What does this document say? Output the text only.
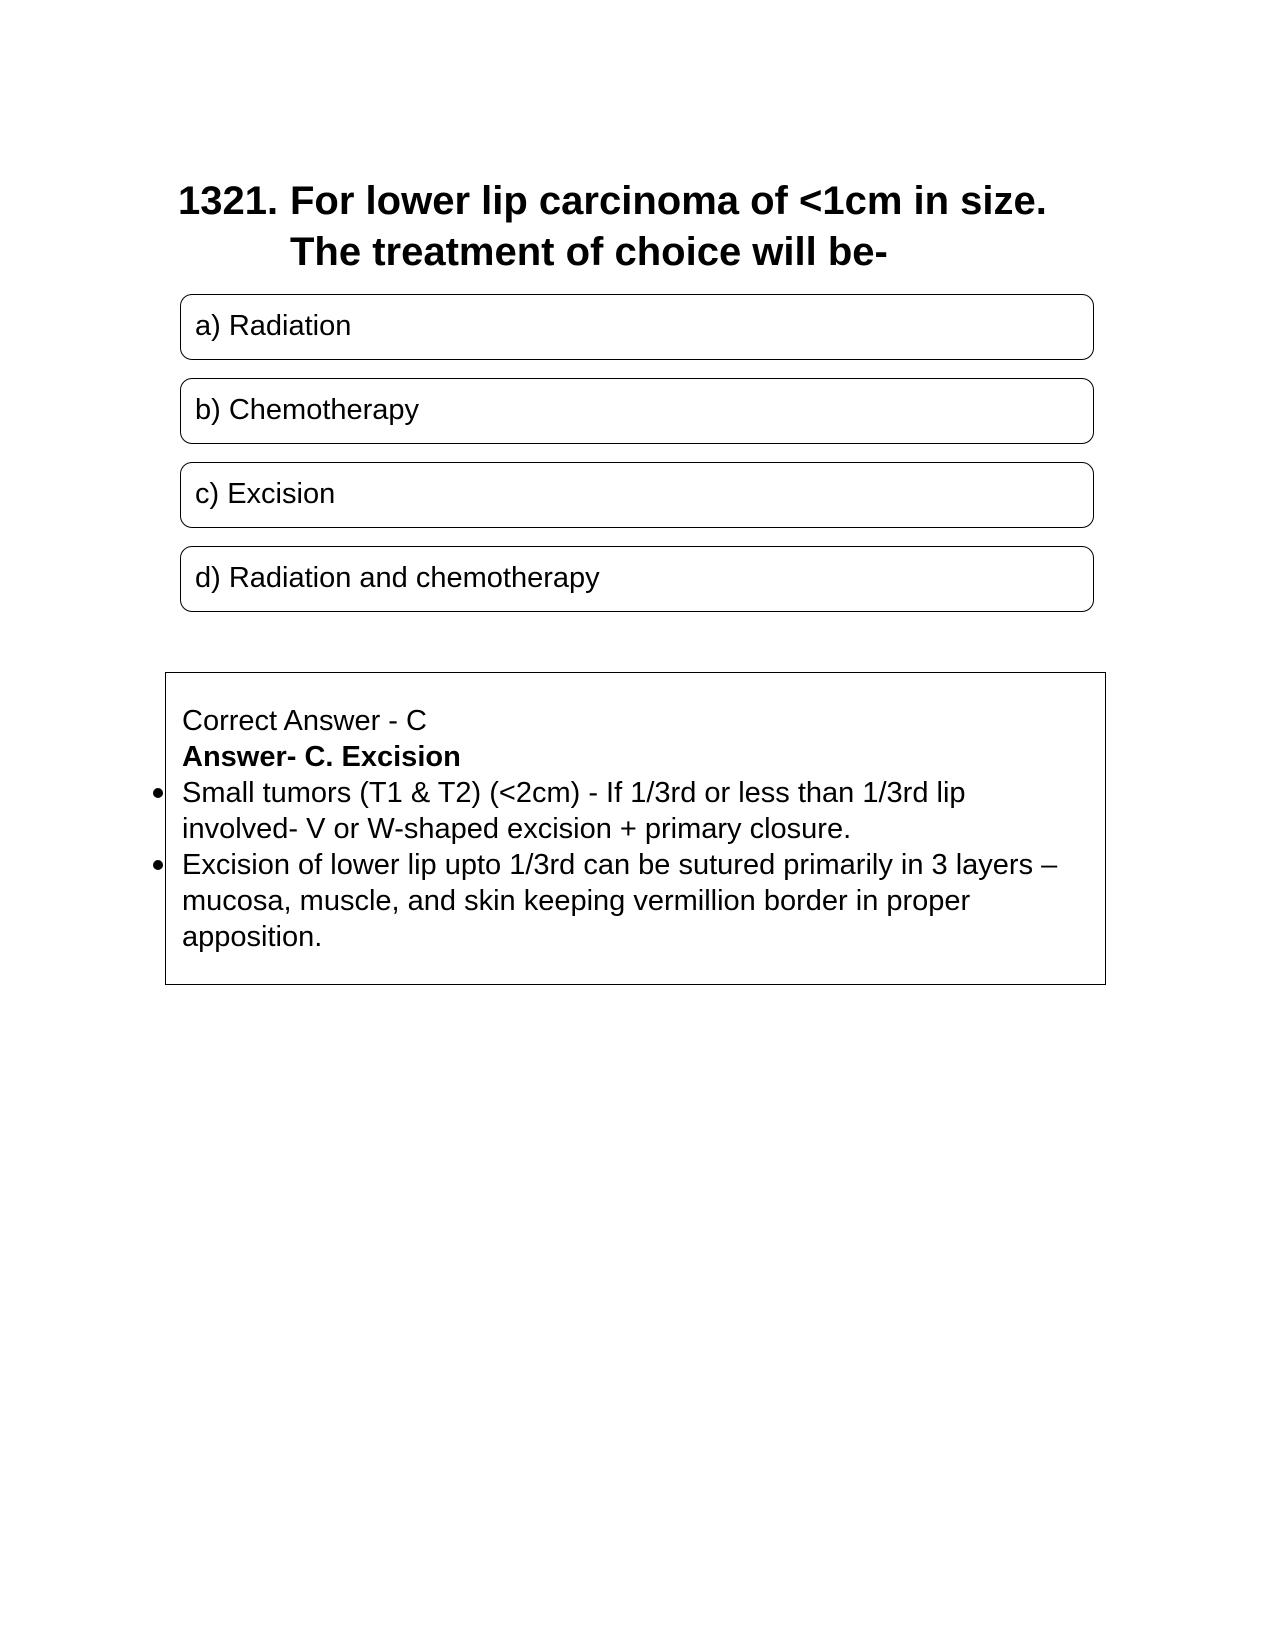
1321. For lower lip carcinoma of <1cm in size.
The treatment of choice will be-
a) Radiation
b) Chemotherapy
c) Excision
d) Radiation and chemotherapy
Correct Answer - C
Answer- C. Excision
Small tumors (T1 & T2) (<2cm) - If 1/3rd or less than 1/3rd lip involved- V or W-shaped excision + primary closure.
Excision of lower lip upto 1/3rd can be sutured primarily in 3 layers – mucosa, muscle, and skin keeping vermillion border in proper apposition.
